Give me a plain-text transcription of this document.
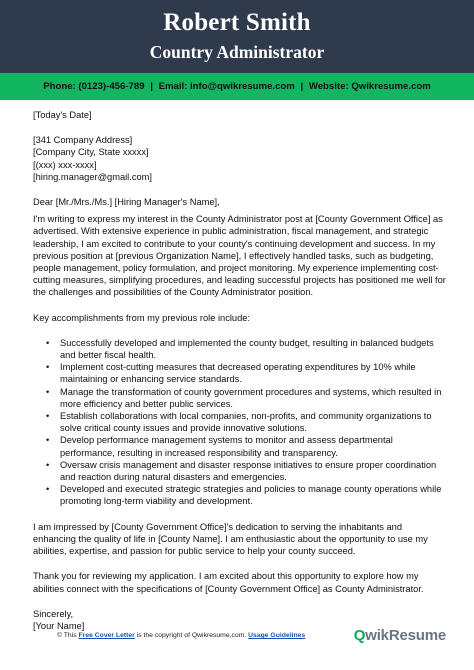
Robert Smith
Country Administrator
Phone: (0123)-456-789 | Email: info@qwikresume.com | Website: Qwikresume.com

[Today's Date]

[341 Company Address]

[Company City, State xxxxx]

[(xxx) xxx-xxxx]

[hiring.manager@gmail.com]

Dear [Mr./Mrs./Ms.] [Hiring Manager's Name],

I'm writing to express my interest in the County Administrator post at [County Government Office] as

advertised. With extensive experience in public administration, fiscal management, and strategic

leadership, I am excited to contribute to your county's continuing development and success. In my

previous position at [previous Organization Name], I effectively handled tasks, such as budgeting,

people management, policy formulation, and project monitoring. My experience implementing cost-

cutting measures, simplifying procedures, and leading successful projects has positioned me well for

the challenges and possibilities of the County Administrator position.

Key accomplishments from my previous role include:

• Successfully developed and implemented the county budget, resulting in balanced budgets

and better fiscal health.

• Implement cost-cutting measures that decreased operating expenditures by 10% while

maintaining or enhancing service standards.

• Manage the transformation of county government procedures and systems, which resulted in

more efficiency and better public services.

• Establish collaborations with local companies, non-profits, and community organizations to

solve critical county issues and provide innovative solutions.

• Develop performance management systems to monitor and assess departmental

performance, resulting in increased responsibility and transparency.

• Oversaw crisis management and disaster response initiatives to ensure proper coordination

and reaction during natural disasters and emergencies.

• Developed and executed strategic strategies and policies to manage county operations while

promoting long-term viability and development.

I am impressed by [County Government Office]'s dedication to serving the inhabitants and

enhancing the quality of life in [County Name]. I am enthusiastic about the opportunity to use my

abilities, expertise, and passion for public service to help your county succeed.

Thank you for reviewing my application. I am excited about this opportunity to explore how my

abilities connect with the specifications of [County Government Office] as County Administrator.

Sincerely,

[Your Name]

© This Free Cover Letter is the copyright of Qwikresume.com. Usage Guidelines	QwikResume
